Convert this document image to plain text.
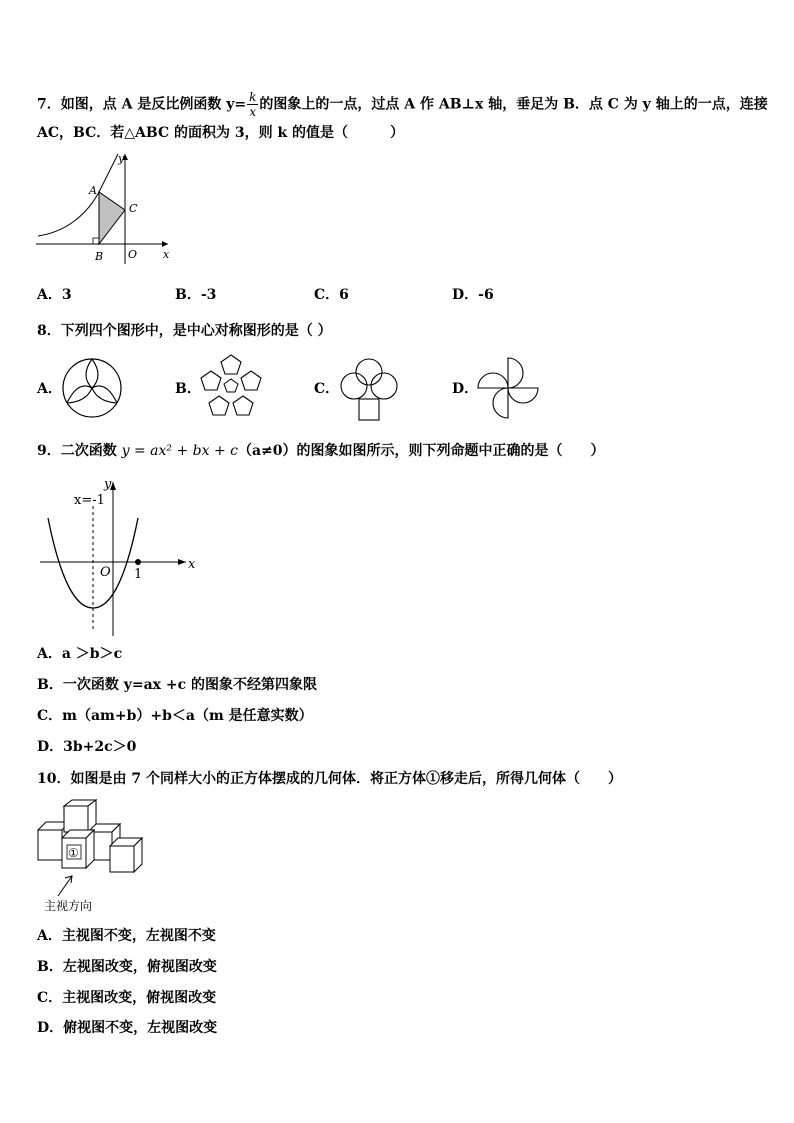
7．如图，点 A 是反比例函数 $y= \frac{k}{x}$ 的图象上的一点，过点 A 作 AB⊥x 轴，垂足为 B．点 C 为 y 轴上的一点，连接
AC，BC．若△ABC 的面积为 3，则 k 的值是（　　　）
y
x
A
C
B O
A．3	B．-3	C．6	D．-6
8．下列四个图形中，是中心对称图形的是（ ）
A．	B．	C．	D．
9．二次函数 y = ax² + bx + c（a≠0）的图象如图所示，则下列命题中正确的是（　　）
x=-1
y
x
O 1
A．a ＞b＞c
B．一次函数 y=ax +c 的图象不经第四象限
C．m（am+b）+b＜a（m 是任意实数）
D．3b+2c＞0
10．如图是由 7 个同样大小的正方体摆成的几何体．将正方体①移走后，所得几何体（　　）
①
主视方向
A．主视图不变，左视图不变
B．左视图改变，俯视图改变
C．主视图改变，俯视图改变
D．俯视图不变，左视图改变
